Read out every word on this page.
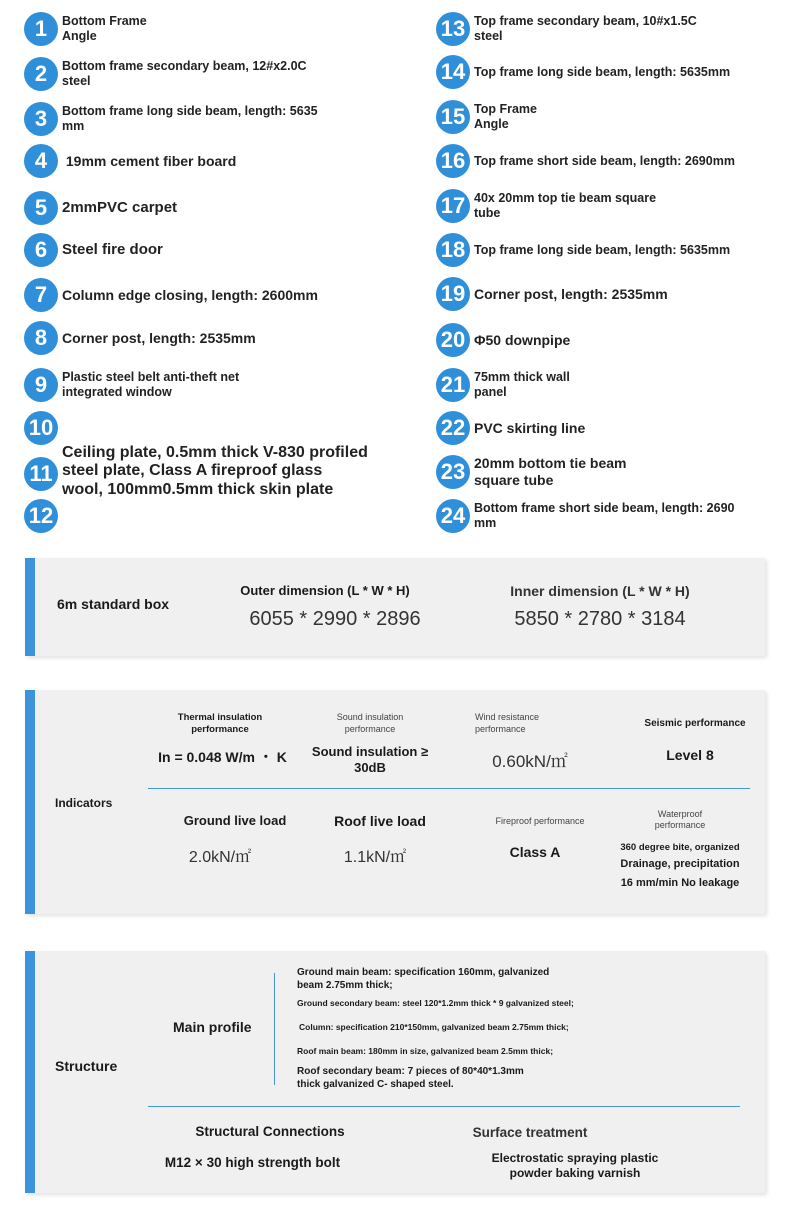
1	Bottom Frame
Angle
2	Bottom frame secondary beam, 12#x2.0C
steel
3	Bottom frame long side beam, length: 5635
mm
4	19mm cement fiber board
5 2mmPVC carpet
6 Steel fire door
7	Column edge closing, length: 2600mm
8	Corner post, length: 2535mm
9	Plastic steel belt anti-theft net
integrated window
10
11
Ceiling plate, 0.5mm thick V-830 profiled
steel plate, Class A fireproof glass
wool, 100mm0.5mm thick skin plate
12
13 Top frame secondary beam, 10#x1.5C
steel
14 Top frame long side beam, length: 5635mm
15 Top Frame
Angle
16 Top frame short side beam, length: 2690mm
17 40x 20mm top tie beam square
tube
18 Top frame long side beam, length: 5635mm
19 Corner post, length: 2535mm
20 Φ50 downpipe
21 75mm thick wall
panel
22 PVC skirting line
23 20mm bottom tie beam
square tube
24 Bottom frame short side beam, length: 2690
mm
6m standard box
Outer dimension (L * W * H)
6055 * 2990 * 2896
Inner dimension (L * W * H)
5850 * 2780 * 3184
Indicators
Thermal insulation
performance
In = 0.048 W/m ・ K
Sound insulation
performance
Sound insulation ≥
30dB
Wind resistance
performance
0.60kN/㎡
Seismic performance
Level 8
Ground live load
2.0kN/㎡
Roof live load
1.1kN/㎡
Fireproof performance
Class A
Waterproof
performance
360 degree bite, organized
Drainage, precipitation
16 mm/min No leakage
Structure
Main profile
Ground main beam: specification 160mm, galvanized
beam 2.75mm thick;
Ground secondary beam: steel 120*1.2mm thick * 9 galvanized steel;
Column: specification 210*150mm, galvanized beam 2.75mm thick;
Roof main beam: 180mm in size, galvanized beam 2.5mm thick;
Roof secondary beam: 7 pieces of 80*40*1.3mm
thick galvanized C- shaped steel.
Structural Connections
M12 × 30 high strength bolt
Surface treatment
Electrostatic spraying plastic
powder baking varnish
